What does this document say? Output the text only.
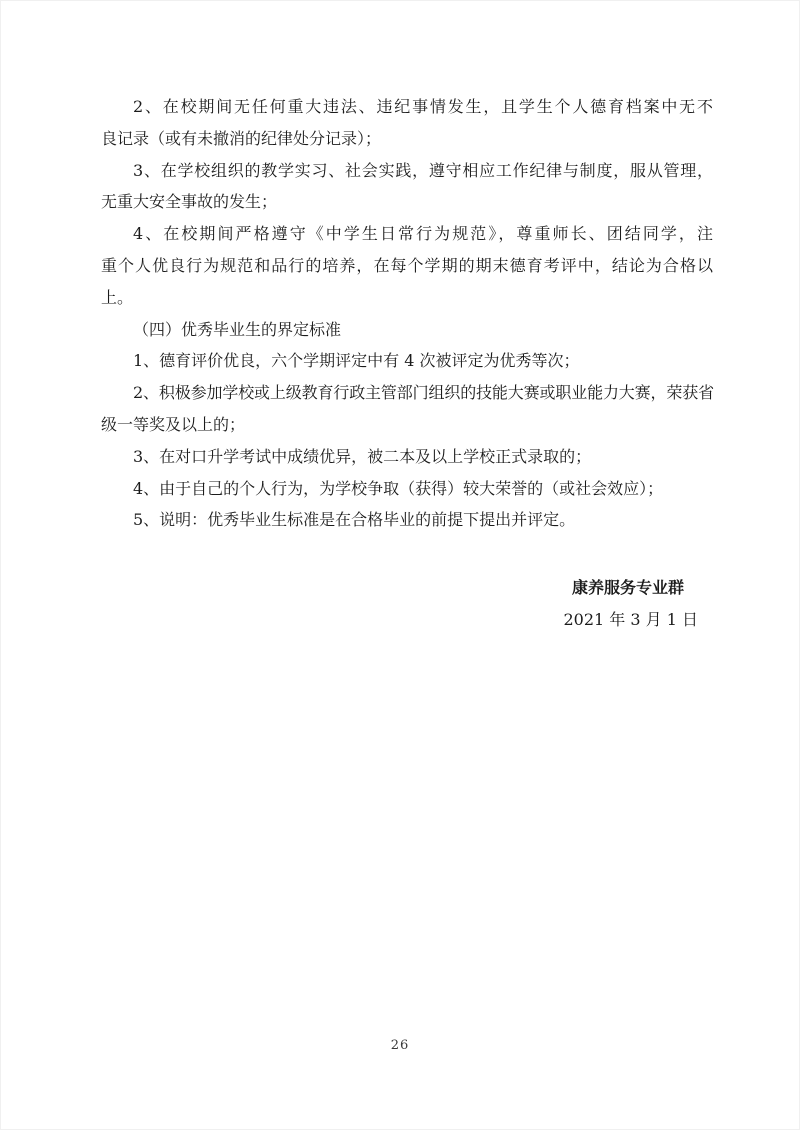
2、在校期间无任何重大违法、违纪事情发生，且学生个人德育档案中无不
良记录（或有未撤消的纪律处分记录）；
3、在学校组织的教学实习、社会实践，遵守相应工作纪律与制度，服从管理，
无重大安全事故的发生；
4、在校期间严格遵守《中学生日常行为规范》，尊重师长、团结同学，注
重个人优良行为规范和品行的培养，在每个学期的期末德育考评中，结论为合格以
上。
（四）优秀毕业生的界定标准
1、德育评价优良，六个学期评定中有 4 次被评定为优秀等次；
2、积极参加学校或上级教育行政主管部门组织的技能大赛或职业能力大赛，荣获省
级一等奖及以上的；
3、在对口升学考试中成绩优异，被二本及以上学校正式录取的；
4、由于自己的个人行为，为学校争取（获得）较大荣誉的（或社会效应）；
5、说明：优秀毕业生标准是在合格毕业的前提下提出并评定。
康养服务专业群
2021 年 3 月 1 日
26
